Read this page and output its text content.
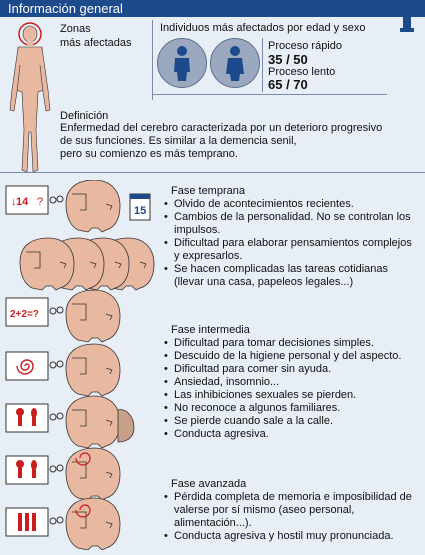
Información general
Zonas
más afectadas
Individuos más afectados por edad y sexo
Proceso rápido
35 / 50
Proceso lento
65 / 70
Definición
Enfermedad del cerebro caracterizada por un deterioro progresivo
de sus funciones. Es similar a la demencia senil,
pero su comienzo es más temprano.
14
↓ ?
15
2+2=?
Fase temprana
• Olvido de acontecimientos recientes.
• Cambios de la personalidad. No se controlan los impulsos.
• Dificultad para elaborar pensamientos complejos y expresarlos.
• Se hacen complicadas las tareas cotidianas (llevar una casa, papeleos legales...)
Fase intermedia
• Dificultad para tomar decisiones simples.
• Descuido de la higiene personal y del aspecto.
• Dificultad para comer sin ayuda.
• Ansiedad, insomnio...
• Las inhibiciones sexuales se pierden.
• No reconoce a algunos familiares.
• Se pierde cuando sale a la calle.
• Conducta agresiva.
Fase avanzada
• Pérdida completa de memoria e imposibilidad de valerse por sí mismo (aseo personal, alimentación...).
• Conducta agresiva y hostil muy pronunciada.
